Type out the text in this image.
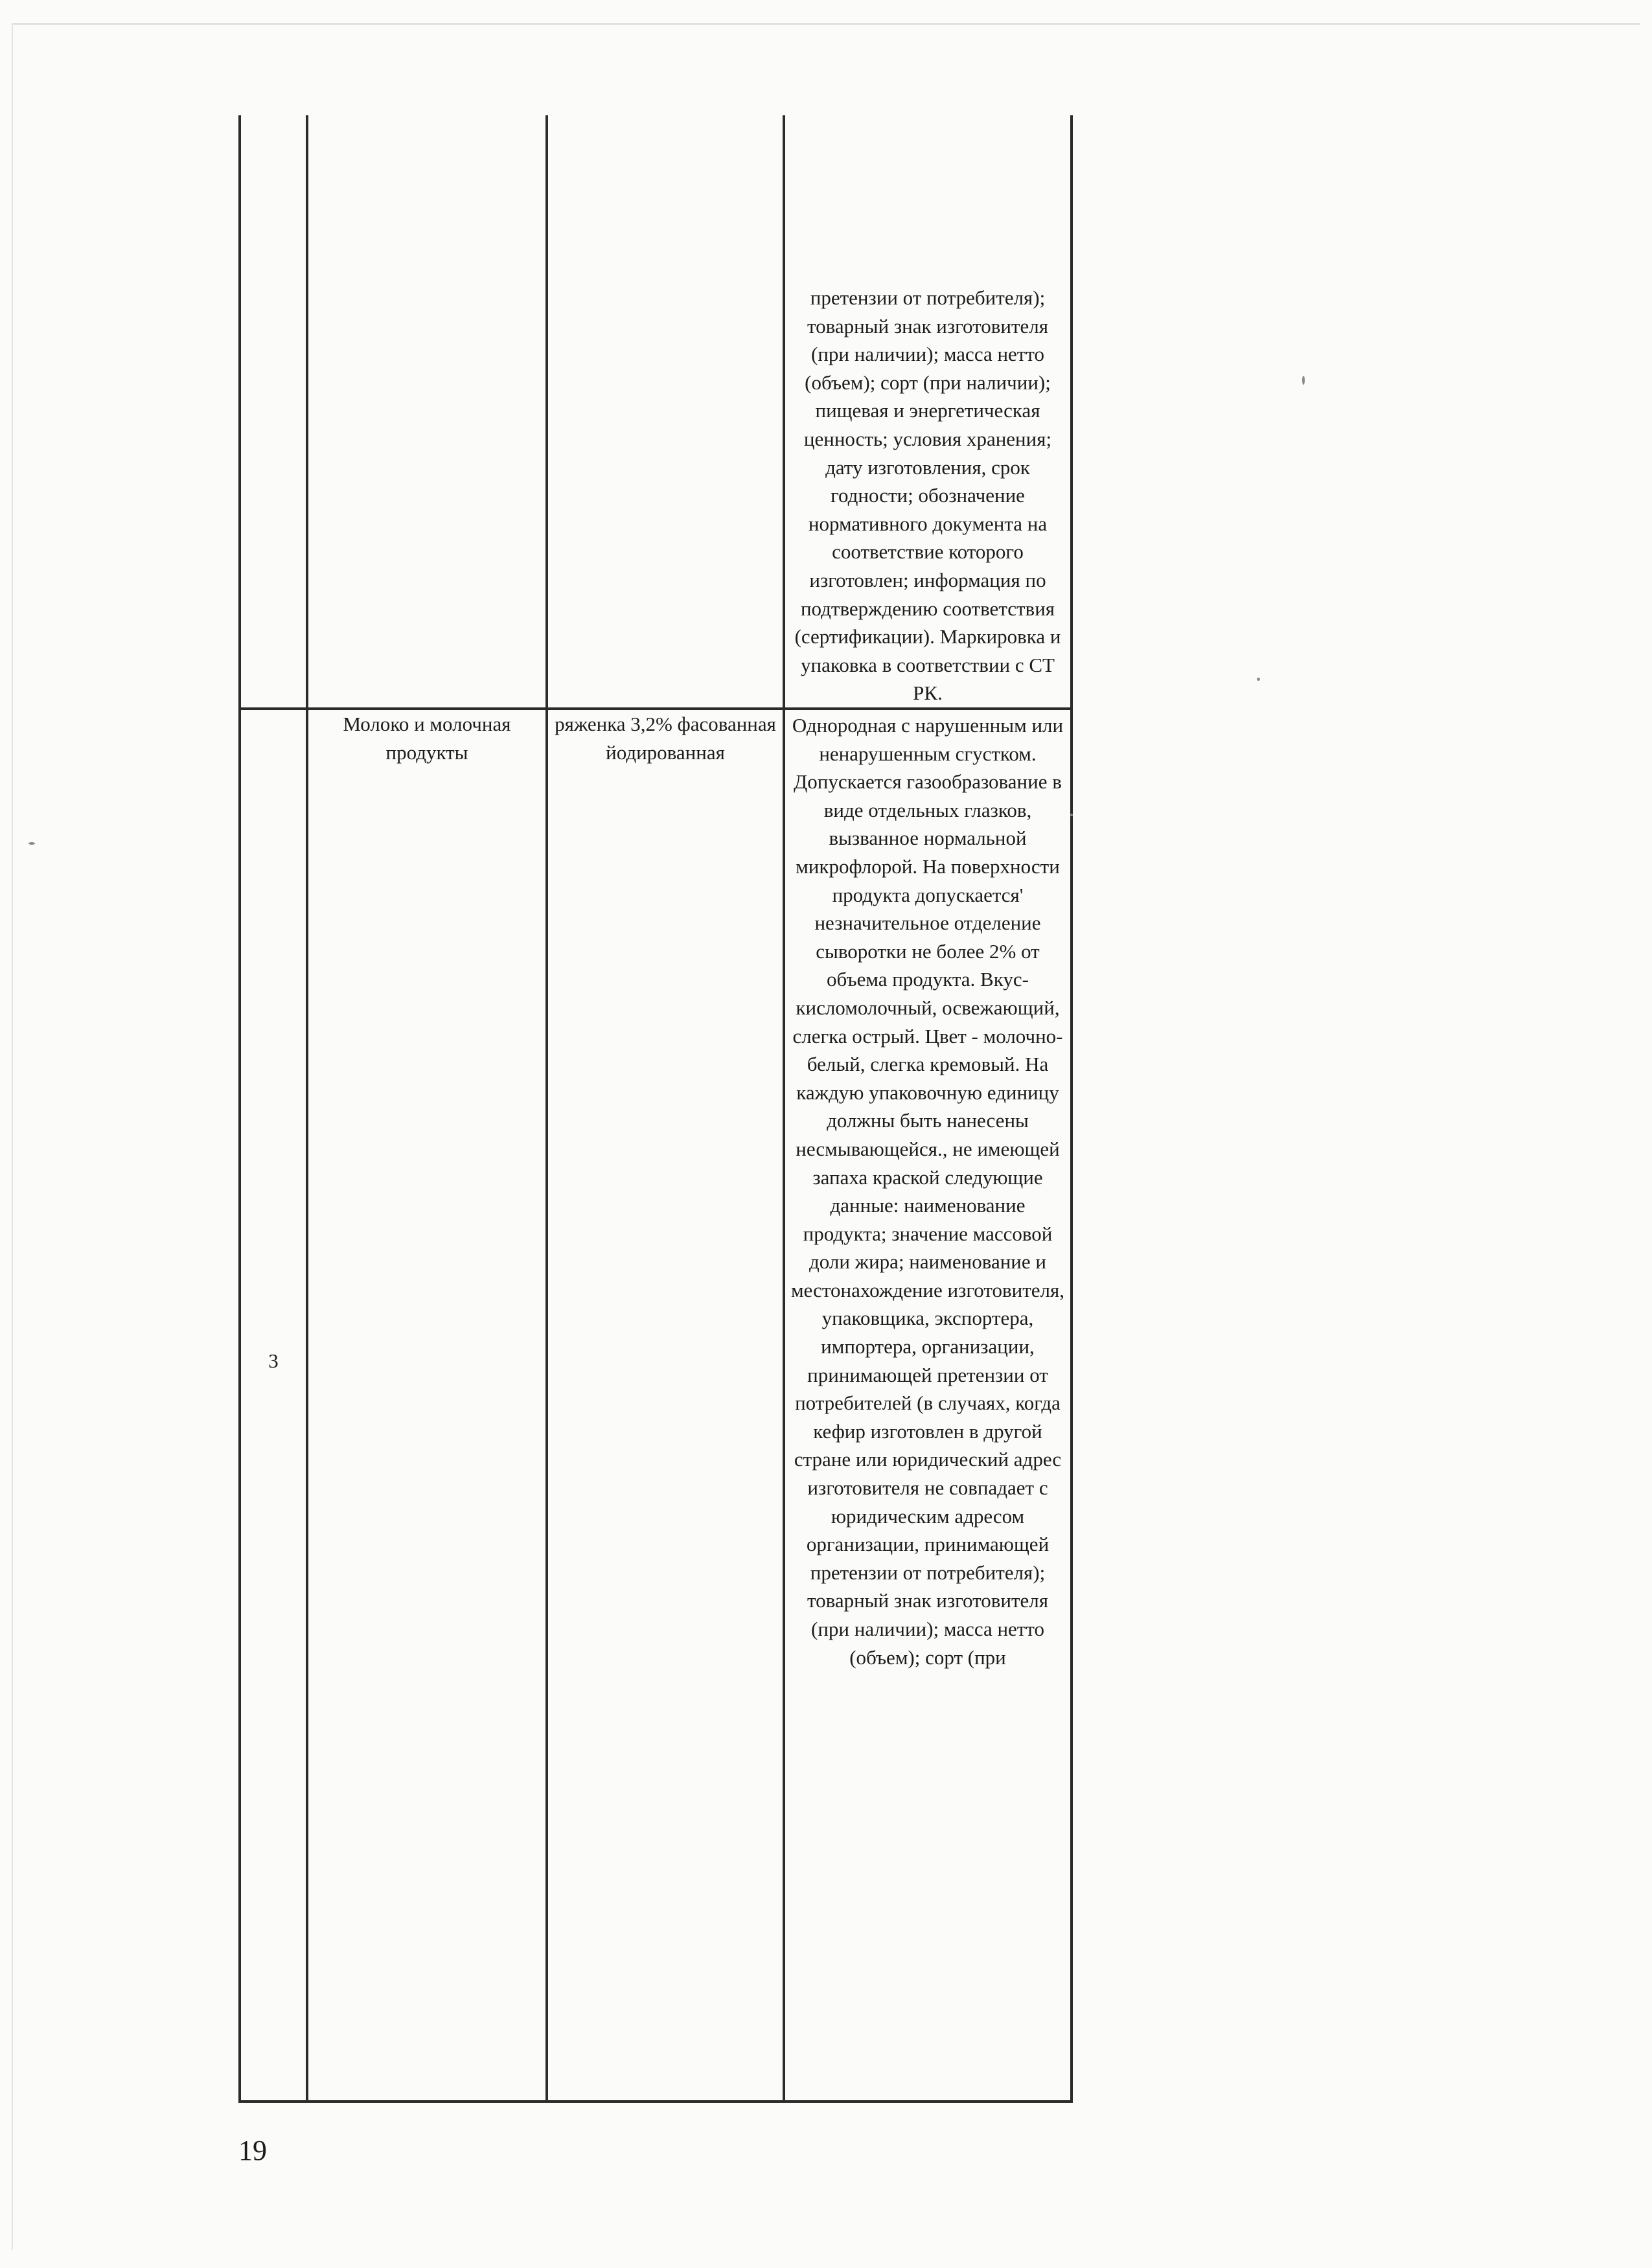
			претензии от потребителя); товарный знак изготовителя (при наличии); масса нетто (объем); сорт (при наличии); пищевая и энергетическая ценность; условия хранения; дату изготовления, срок годности; обозначение нормативного документа на соответствие которого изготовлен; информация по подтверждению соответствия (сертификации). Маркировка и упаковка в соответствии с СТ РК.

3	Молоко и молочная продукты	ряженка 3,2% фасованная йодированная	Однородная с нарушенным или ненарушенным сгустком. Допускается газообразование в виде отдельных глазков, вызванное нормальной микрофлорой. На поверхности продукта допускается' незначительное отделение сыворотки не более 2% от объема продукта. Вкус-кисломолочный, освежающий, слегка острый. Цвет - молочно-белый, слегка кремовый. На каждую упаковочную единицу должны быть нанесены несмывающейся., не имеющей запаха краской следующие данные: наименование продукта; значение массовой доли жира; наименование и местонахождение изготовителя, упаковщика, экспортера, импортера, организации, принимающей претензии от потребителей (в случаях, когда кефир изготовлен в другой стране или юридический адрес изготовителя не совпадает с юридическим адресом организации, принимающей претензии от потребителя); товарный знак изготовителя (при наличии); масса нетто (объем); сорт (при
19
